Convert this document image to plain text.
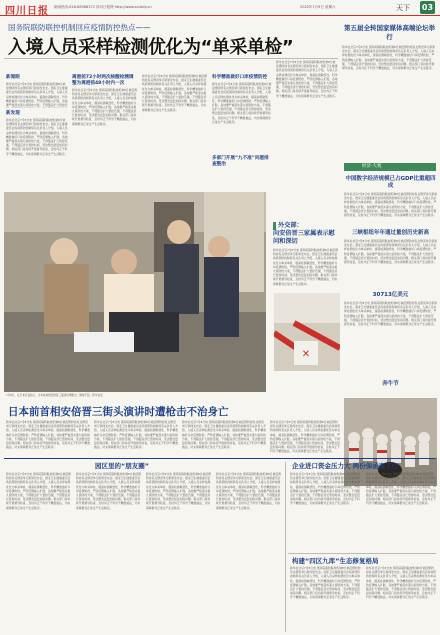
四川日报 新闻热线:028-86968372 四川日报网 http://www.scdaily.cn	2022年7月9日 星期六	天下 03
国务院联防联控机制回应疫情防控热点——
入境人员采样检测优化为“单采单检”
新闻眼
新华社北京7月8日电 国务院联防联控机制8日就疫情防控有关情况举行新闻发布会。国家卫生健康委员会疾病预防控制局有关负责人介绍，入境人员采样检测优化为单采单检，提高检测敏感性，科学精准做好口岸疫情防控，严防疫情输入扩散。各地要严格落实第九版防控方案，不得随意扩大管控范
新发现
新华社北京7月8日电 国务院联防联控机制8日就疫情防控有关情况举行新闻发布会。国家卫生健康委员会疾病预防控制局有关负责人介绍，入境人员采样检测优化为单采单检，提高检测敏感性，科学精准做好口岸疫情防控，严防疫情输入扩散。各地要严格落实第九版防控方案，不得随意扩大管控范围，不得随意延长管控时间，坚决整治层层加码问题。相关部门将持续开展督导检查，及时纠正不科学不精准做法，切实保障群众正常生产生活秩序。
离港前72小时两次核酸检测调整为离港前48小时内一次
新华社北京7月8日电 国务院联防联控机制8日就疫情防控有关情况举行新闻发布会。国家卫生健康委员会疾病预防控制局有关负责人介绍，入境人员采样检测优化为单采单检，提高检测敏感性，科学精准做好口岸疫情防控，严防疫情输入扩散。各地要严格落实第九版防控方案，不得随意扩大管控范围，不得随意延长管控时间，坚决整治层层加码问题。相关部门将持续开展督导检查，及时纠正不科学不精准做法，切实保障群众正常生产生活秩序。
新华社北京7月8日电 国务院联防联控机制8日就疫情防控有关情况举行新闻发布会。国家卫生健康委员会疾病预防控制局有关负责人介绍，入境人员采样检测优化为单采单检，提高检测敏感性，科学精准做好口岸疫情防控，严防疫情输入扩散。各地要严格落实第九版防控方案，不得随意扩大管控范围，不得随意延长管控时间，坚决整治层层加码问题。相关部门将持续开展督导检查，及时纠正不科学不精准做法，切实保障群众正常生产生活秩序。
科学精准做好口岸疫情防控
新华社北京7月8日电 国务院联防联控机制8日就疫情防控有关情况举行新闻发布会。国家卫生健康委员会疾病预防控制局有关负责人介绍，入境人员采样检测优化为单采单检，提高检测敏感性，科学精准做好口岸疫情防控，严防疫情输入扩散。各地要严格落实第九版防控方案，不得随意扩大管控范围，不得随意延长管控时间，坚决整治层层加码问题。相关部门将持续开展督导检查，及时纠正不科学不精准做法，切实保障群众正常生产生活秩序。
多部门开展“九不准”问题排查整治
新华社北京7月8日电 国务院联防联控机制8日就疫情防控有关情况举行新闻发布会。国家卫生健康委员会疾病预防控制局有关负责人介绍，入境人员采样检测优化为单采单检，提高检测敏感性，科学精准做好口岸疫情防控，严防疫情输入扩散。各地要严格落实第九版防控方案，不得随意扩大管控范围，不得随意延长管控时间，坚决整治层层加码问题。相关部门将持续开展督导检查，及时纠正不科学不精准做法，切实保障群众正常生产生活秩序。
第五届全转国家媒体高端论坛举行
新华社北京7月8日电 国务院联防联控机制8日就疫情防控有关情况举行新闻发布会。国家卫生健康委员会疾病预防控制局有关负责人介绍，入境人员采样检测优化为单采单检，提高检测敏感性，科学精准做好口岸疫情防控，严防疫情输入扩散。各地要严格落实第九版防控方案，不得随意扩大管控范围，不得随意延长管控时间，坚决整治层层加码问题。相关部门将持续开展督导检查，及时纠正不科学不精准做法，切实保障群众正常生产生活秩序。
经济·大观
中国数字经济规模已占GDP比重超四成
新华社北京7月8日电 国务院联防联控机制8日就疫情防控有关情况举行新闻发布会。国家卫生健康委员会疾病预防控制局有关负责人介绍，入境人员采样检测优化为单采单检，提高检测敏感性，科学精准做好口岸疫情防控，严防疫情输入扩散。各地要严格落实第九版防控方案，不得随意扩大管控范围，不得随意延长管控时间，坚决整治层层加码问题。相关部门将持续开展督导检查，及时纠正不科学不精准做法，切实保障群众正常生产生活秩序。
三峡枢纽年年通过量创历史新高
新华社北京7月8日电 国务院联防联控机制8日就疫情防控有关情况举行新闻发布会。国家卫生健康委员会疾病预防控制局有关负责人介绍，入境人员采样检测优化为单采单检，提高检测敏感性，科学精准做好口岸疫情防控，严防疫情输入扩散。各地要严格落实第九版防控方案，不得随意扩大管控范围，不得随意延长管控时间，坚决整治层层加码问题。相关部门将持续开展督导检查，及时纠正不科学不精准做法，切实保障群众正常生产生活秩序。
30713亿美元
新华社北京7月8日电 国务院联防联控机制8日就疫情防控有关情况举行新闻发布会。国家卫生健康委员会疾病预防控制局有关负责人介绍，入境人员采样检测优化为单采单检，提高检测敏感性，科学精准做好口岸疫情防控，严防疫情输入扩散。各地要严格落实第九版防控方案，不得随意扩大管控范围，不得随意延长管控时间，坚决整治层层加码问题。相关部门将持续开展督导检查，及时纠正不科学不精准做法，切实保障群众正常生产生活秩序。
奔牛节
7月8日，在日本奈良街头，日本前首相安倍晋三演讲时遭枪击，倒地不起。新华社发
外交部：
向安倍晋三家属表示慰问和深切
新华社北京7月8日电 国务院联防联控机制8日就疫情防控有关情况举行新闻发布会。国家卫生健康委员会疾病预防控制局有关负责人介绍，入境人员采样检测优化为单采单检，提高检测敏感性，科学精准做好口岸疫情防控，严防疫情输入扩散。各地要严格落实第九版防控方案，不得随意扩大管控范围，不得随意延长管控时间，坚决整治层层加码问题。相关部门将持续开展督导检查，及时纠正不科学不精准做法，切实保障群众正常生产生活秩序。
✕
日本前首相安倍晋三街头演讲时遭枪击不治身亡
新华社北京7月8日电 国务院联防联控机制8日就疫情防控有关情况举行新闻发布会。国家卫生健康委员会疾病预防控制局有关负责人介绍，入境人员采样检测优化为单采单检，提高检测敏感性，科学精准做好口岸疫情防控，严防疫情输入扩散。各地要严格落实第九版防控方案，不得随意扩大管控范围，不得随意延长管控时间，坚决整治层层加码问题。相关部门将持续开展督导检查，及时纠正不科学不精准做法，切实保障群众正常生产生活秩序。
新华社北京7月8日电 国务院联防联控机制8日就疫情防控有关情况举行新闻发布会。国家卫生健康委员会疾病预防控制局有关负责人介绍，入境人员采样检测优化为单采单检，提高检测敏感性，科学精准做好口岸疫情防控，严防疫情输入扩散。各地要严格落实第九版防控方案，不得随意扩大管控范围，不得随意延长管控时间，坚决整治层层加码问题。相关部门将持续开展督导检查，及时纠正不科学不精准做法，切实保障群众正常生产生活秩序。
新华社北京7月8日电 国务院联防联控机制8日就疫情防控有关情况举行新闻发布会。国家卫生健康委员会疾病预防控制局有关负责人介绍，入境人员采样检测优化为单采单检，提高检测敏感性，科学精准做好口岸疫情防控，严防疫情输入扩散。各地要严格落实第九版防控方案，不得随意扩大管控范围，不得随意延长管控时间，坚决整治层层加码问题。相关部门将持续开展督导检查，及时纠正不科学不精准做法，切实保障群众正常生产生活秩序。
新华社北京7月8日电 国务院联防联控机制8日就疫情防控有关情况举行新闻发布会。国家卫生健康委员会疾病预防控制局有关负责人介绍，入境人员采样检测优化为单采单检，提高检测敏感性，科学精准做好口岸疫情防控，严防疫情输入扩散。各地要严格落实第九版防控方案，不得随意扩大管控范围，不得随意延长管控时间，坚决整治层层加码问题。相关部门将持续开展督导检查，及时纠正不科学不精准做法，切实保障群众正常生产生活秩序。
园区里的“朋友圈”	企业进口资金压力大 两份保函变了心
构建“四区九库”生态修复格局
新华社北京7月8日电 国务院联防联控机制8日就疫情防控有关情况举行新闻发布会。国家卫生健康委员会疾病预防控制局有关负责人介绍，入境人员采样检测优化为单采单检，提高检测敏感性，科学精准做好口岸疫情防控，严防疫情输入扩散。各地要严格落实第九版防控方案，不得随意扩大管控范围，不得随意延长管控时间，坚决整治层层加码问题。相关部门将持续开展督导检查，及时纠正不科学不精准做法，切实保障群众正常生产生活秩序。
新华社北京7月8日电 国务院联防联控机制8日就疫情防控有关情况举行新闻发布会。国家卫生健康委员会疾病预防控制局有关负责人介绍，入境人员采样检测优化为单采单检，提高检测敏感性，科学精准做好口岸疫情防控，严防疫情输入扩散。各地要严格落实第九版防控方案，不得随意扩大管控范围，不得随意延长管控时间，坚决整治层层加码问题。相关部门将持续开展督导检查，及时纠正不科学不精准做法，切实保障群众正常生产生活秩序。
新华社北京7月8日电 国务院联防联控机制8日就疫情防控有关情况举行新闻发布会。国家卫生健康委员会疾病预防控制局有关负责人介绍，入境人员采样检测优化为单采单检，提高检测敏感性，科学精准做好口岸疫情防控，严防疫情输入扩散。各地要严格落实第九版防控方案，不得随意扩大管控范围，不得随意延长管控时间，坚决整治层层加码问题。相关部门将持续开展督导检查，及时纠正不科学不精准做法，切实保障群众正常生产生活秩序。
新华社北京7月8日电 国务院联防联控机制8日就疫情防控有关情况举行新闻发布会。国家卫生健康委员会疾病预防控制局有关负责人介绍，入境人员采样检测优化为单采单检，提高检测敏感性，科学精准做好口岸疫情防控，严防疫情输入扩散。各地要严格落实第九版防控方案，不得随意扩大管控范围，不得随意延长管控时间，坚决整治层层加码问题。相关部门将持续开展督导检查，及时纠正不科学不精准做法，切实保障群众正常生产生活秩序。
新华社北京7月8日电 国务院联防联控机制8日就疫情防控有关情况举行新闻发布会。国家卫生健康委员会疾病预防控制局有关负责人介绍，入境人员采样检测优化为单采单检，提高检测敏感性，科学精准做好口岸疫情防控，严防疫情输入扩散。各地要严格落实第九版防控方案，不得随意扩大管控范围，不得随意延长管控时间，坚决整治层层加码问题。相关部门将持续开展督导检查，及时纠正不科学不精准做法，切实保障群众正常生产生活秩序。
新华社北京7月8日电 国务院联防联控机制8日就疫情防控有关情况举行新闻发布会。国家卫生健康委员会疾病预防控制局有关负责人介绍，入境人员采样检测优化为单采单检，提高检测敏感性，科学精准做好口岸疫情防控，严防疫情输入扩散。各地要严格落实第九版防控方案，不得随意扩大管控范围，不得随意延长管控时间，坚决整治层层加码问题。相关部门将持续开展督导检查，及时纠正不科学不精准做法，切实保障群众正常生产生活秩序。
新华社北京7月8日电 国务院联防联控机制8日就疫情防控有关情况举行新闻发布会。国家卫生健康委员会疾病预防控制局有关负责人介绍，入境人员采样检测优化为单采单检，提高检测敏感性，科学精准做好口岸疫情防控，严防疫情输入扩散。各地要严格落实第九版防控方案，不得随意扩大管控范围，不得随意延长管控时间，坚决整治层层加码问题。相关部门将持续开展督导检查，及时纠正不科学不精准做法，切实保障群众正常生产生活秩序。
新华社北京7月8日电 国务院联防联控机制8日就疫情防控有关情况举行新闻发布会。国家卫生健康委员会疾病预防控制局有关负责人介绍，入境人员采样检测优化为单采单检，提高检测敏感性，科学精准做好口岸疫情防控，严防疫情输入扩散。各地要严格落实第九版防控方案，不得随意扩大管控范围，不得随意延长管控时间，坚决整治层层加码问题。相关部门将持续开展督导检查，及时纠正不科学不精准做法，切实保障群众正常生产生活秩序。
